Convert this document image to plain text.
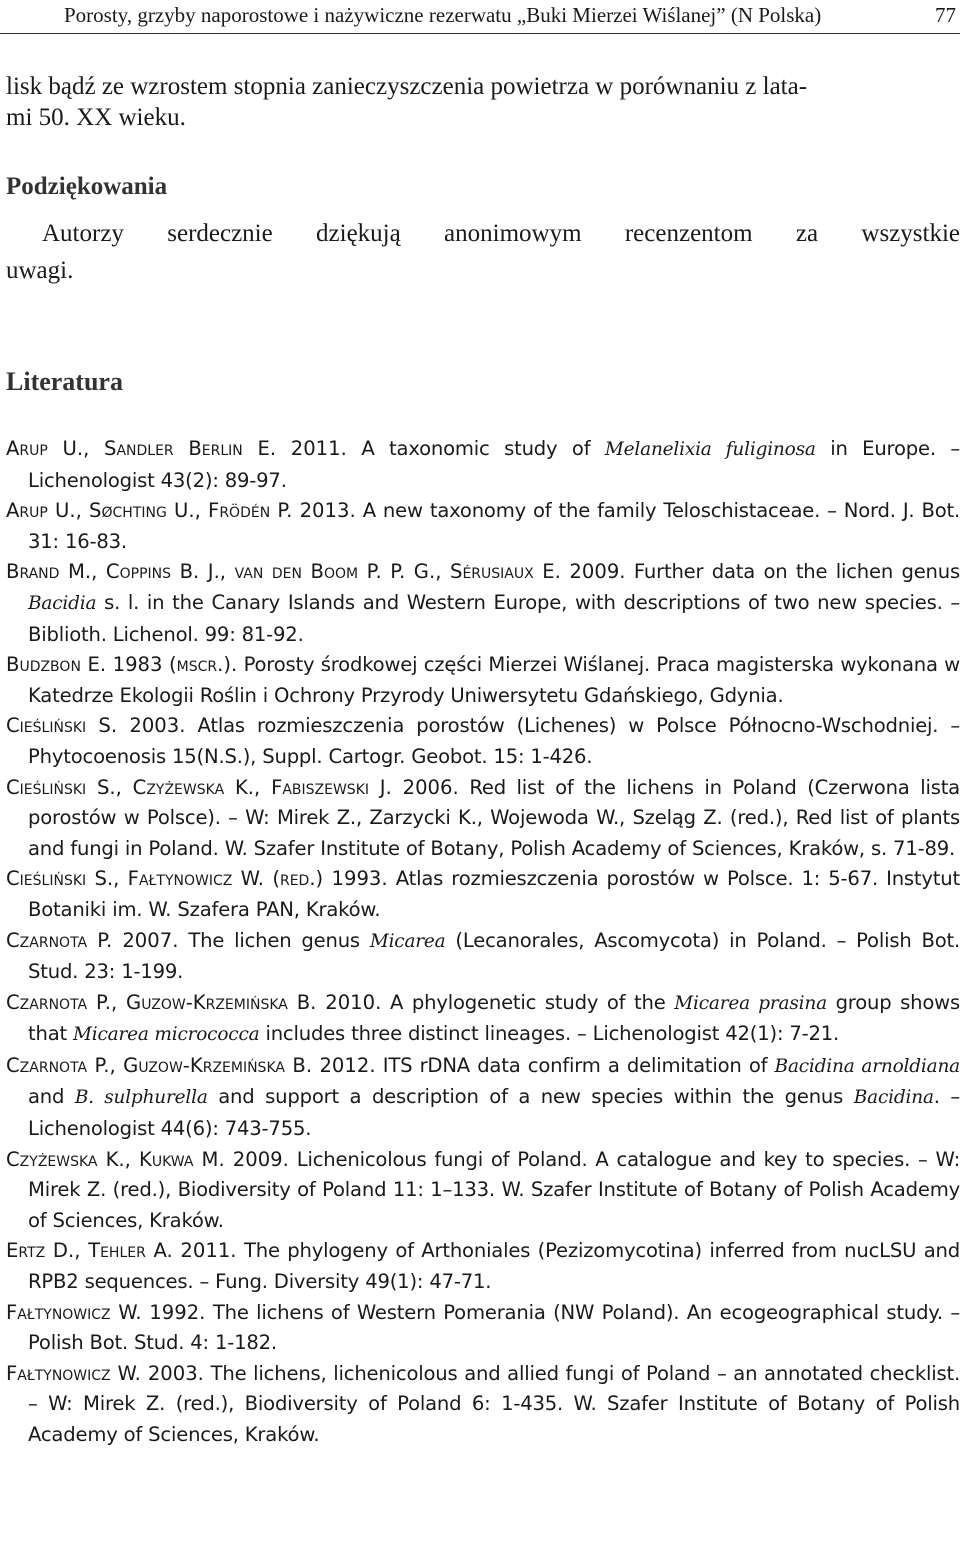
Porosty, grzyby naporostowe i nażywiczne rezerwatu „Buki Mierzei Wiślanej” (N Polska)	77
lisk bądź ze wzrostem stopnia zanieczyszczenia powietrza w porównaniu z lata-
mi 50. XX wieku.
Podziękowania
Autorzy serdecznie dziękują anonimowym recenzentom za wszystkie
uwagi.
Literatura
Arup U., Sandler Berlin E. 2011. A taxonomic study of Melanelixia fuliginosa in Europe. – Lichenologist 43(2): 89-97.
Arup U., Søchting U., Frödén P. 2013. A new taxonomy of the family Teloschistaceae. – Nord. J. Bot. 31: 16-83.
Brand M., Coppins B. J., van den Boom P. P. G., Sérusiaux E. 2009. Further data on the lichen genus Bacidia s. l. in the Canary Islands and Western Europe, with descriptions of two new species. – Biblioth. Lichenol. 99: 81-92.
Budzbon E. 1983 (mscr.). Porosty środkowej części Mierzei Wiślanej. Praca magisterska wykonana w Katedrze Ekologii Roślin i Ochrony Przyrody Uniwersytetu Gdańskiego, Gdynia.
Cieśliński S. 2003. Atlas rozmieszczenia porostów (Lichenes) w Polsce Północno-Wschodniej. – Phytocoenosis 15(N.S.), Suppl. Cartogr. Geobot. 15: 1-426.
Cieśliński S., Czyżewska K., Fabiszewski J. 2006. Red list of the lichens in Poland (Czerwona lista porostów w Polsce). – W: Mirek Z., Zarzycki K., Wojewoda W., Szeląg Z. (red.), Red list of plants and fungi in Poland. W. Szafer Institute of Botany, Polish Academy of Sciences, Kraków, s. 71-89.
Cieśliński S., Fałtynowicz W. (red.) 1993. Atlas rozmieszczenia porostów w Polsce. 1: 5-67. Instytut Botaniki im. W. Szafera PAN, Kraków.
Czarnota P. 2007. The lichen genus Micarea (Lecanorales, Ascomycota) in Poland. – Polish Bot. Stud. 23: 1-199.
Czarnota P., Guzow-Krzemińska B. 2010. A phylogenetic study of the Micarea prasina group shows that Micarea micrococca includes three distinct lineages. – Lichenologist 42(1): 7-21.
Czarnota P., Guzow-Krzemińska B. 2012. ITS rDNA data confirm a delimitation of Bacidina arnoldiana and B. sulphurella and support a description of a new species within the genus Bacidina. – Lichenologist 44(6): 743-755.
Czyżewska K., Kukwa M. 2009. Lichenicolous fungi of Poland. A catalogue and key to species. – W: Mirek Z. (red.), Biodiversity of Poland 11: 1–133. W. Szafer Institute of Botany of Polish Academy of Sciences, Kraków.
Ertz D., Tehler A. 2011. The phylogeny of Arthoniales (Pezizomycotina) inferred from nucLSU and RPB2 sequences. – Fung. Diversity 49(1): 47-71.
Fałtynowicz W. 1992. The lichens of Western Pomerania (NW Poland). An ecogeographical study. – Polish Bot. Stud. 4: 1-182.
Fałtynowicz W. 2003. The lichens, lichenicolous and allied fungi of Poland – an annotated checklist. – W: Mirek Z. (red.), Biodiversity of Poland 6: 1-435. W. Szafer Institute of Botany of Polish Academy of Sciences, Kraków.
